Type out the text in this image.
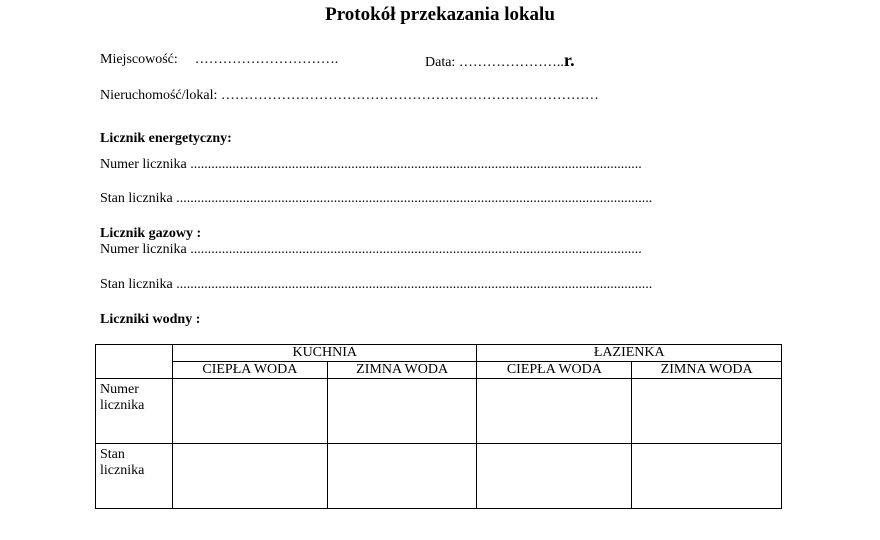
Protokół przekazania lokalu
Miejscowość: ………………………….	Data: …………………..r.
Nieruchomość/lokal: ………………………………………………………………………
Licznik energetyczny:
Numer licznika .................................................................................................................................
Stan licznika ........................................................................................................................................
Licznik gazowy :
Numer licznika .................................................................................................................................
Stan licznika ........................................................................................................................................
Liczniki wodny :
	KUCHNIA		ŁAZIENKA	
	CIEPŁA WODA	ZIMNA WODA	CIEPŁA WODA	ZIMNA WODA
Numer licznika				
Stan licznika				
